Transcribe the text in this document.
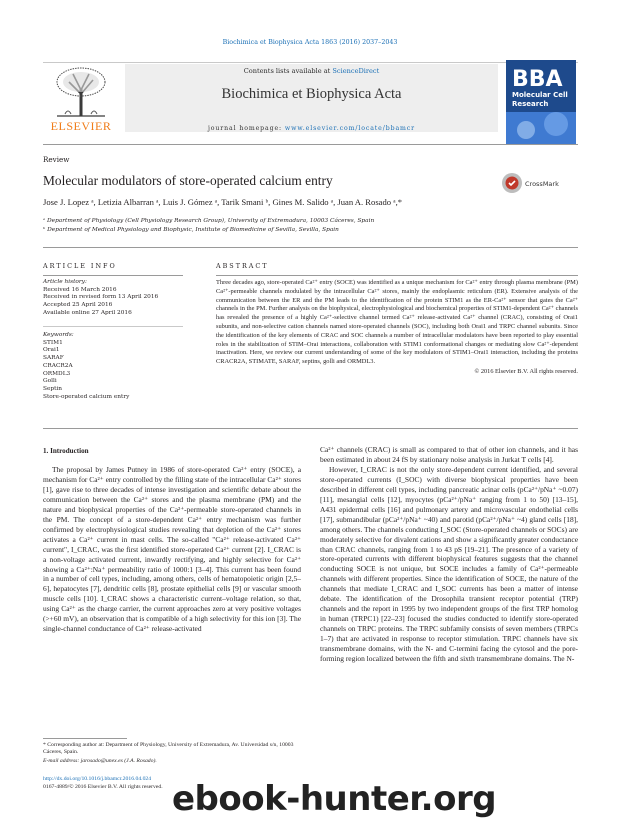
Biochimica et Biophysica Acta 1863 (2016) 2037–2043
ELSEVIER
Contents lists available at ScienceDirect
Biochimica et Biophysica Acta
journal homepage: www.elsevier.com/locate/bbamcr
BBA
Molecular Cell
Research
Review
Molecular modulators of store-operated calcium entry	CrossMark
Jose J. Lopez ᵃ, Letizia Albarran ᵃ, Luis J. Gómez ᵃ, Tarik Smani ᵇ, Gines M. Salido ᵃ, Juan A. Rosado ᵃ,*
ᵃ Department of Physiology (Cell Physiology Research Group), University of Extremadura, 10003 Cáceres, Spain
ᵇ Department of Medical Physiology and Biophysic, Institute of Biomedicine of Sevilla, Sevilla, Spain
ARTICLE INFO
Article history:
Received 16 March 2016
Received in revised form 13 April 2016
Accepted 25 April 2016
Available online 27 April 2016
Keywords:
STIM1
Orai1
SARAF
CRACR2A
ORMDL3
Golli
Septin
Store-operated calcium entry
ABSTRACT
Three decades ago, store-operated Ca²⁺ entry (SOCE) was identified as a unique mechanism for Ca²⁺ entry through plasma membrane (PM) Ca²⁺-permeable channels modulated by the intracellular Ca²⁺ stores, mainly the endoplasmic reticulum (ER). Extensive analysis of the communication between the ER and the PM leads to the identification of the protein STIM1 as the ER-Ca²⁺ sensor that gates the Ca²⁺ channels in the PM. Further analysis on the biophysical, electrophysiological and biochemical properties of STIM1-dependent Ca²⁺ channels has revealed the presence of a highly Ca²⁺-selective channel termed Ca²⁺ release-activated Ca²⁺ channel (CRAC), consisting of Orai1 subunits, and non-selective cation channels named store-operated channels (SOC), including both Orai1 and TRPC channel subunits. Since the identification of the key elements of CRAC and SOC channels a number of intracellular modulators have been reported to play essential roles in the stabilization of STIM–Orai interactions, collaboration with STIM1 conformational changes or mediating slow Ca²⁺-dependent inactivation. Here, we review our current understanding of some of the key modulators of STIM1–Orai1 interaction, including the proteins CRACR2A, STIMATE, SARAF, septins, golli and ORMDL3.
© 2016 Elsevier B.V. All rights reserved.
1. Introduction

The proposal by James Putney in 1986 of store-operated Ca²⁺ entry (SOCE), a mechanism for Ca²⁺ entry controlled by the filling state of the intracellular Ca²⁺ stores [1], gave rise to three decades of intense investigation and scientific debate about the communication between the Ca²⁺ stores and the plasma membrane (PM) and the nature and biophysical properties of the Ca²⁺-permeable store-operated channels in the PM. The concept of a store-dependent Ca²⁺ entry mechanism was further confirmed by electrophysiological studies revealing that depletion of the Ca²⁺ stores activates a Ca²⁺ current in mast cells. The so-called "Ca²⁺ release-activated Ca²⁺ current", I_CRAC, was the first identified store-operated Ca²⁺ current [2]. I_CRAC is a non-voltage activated current, inwardly rectifying, and highly selective for Ca²⁺ showing a Ca²⁺:Na⁺ permeability ratio of 1000:1 [3–4]. This current has been found in a number of cell types, including, among others, cells of hematopoietic origin [2,5–6], hepatocytes [7], dendritic cells [8], prostate epithelial cells [9] or vascular smooth muscle cells [10]. I_CRAC shows a characteristic current–voltage relation, so that, using Ca²⁺ as the charge carrier, the current approaches zero at very positive voltages (>+60 mV), an observation that is compatible of a high selectivity for this ion [3]. The single-channel conductance of Ca²⁺ release-activated

Ca²⁺ channels (CRAC) is small as compared to that of other ion channels, and it has been estimated in about 24 fS by stationary noise analysis in Jurkat T cells [4].

However, I_CRAC is not the only store-dependent current identified, and several store-operated currents (I_SOC) with diverse biophysical properties have been described in different cell types, including pancreatic acinar cells (pCa²⁺/pNa⁺ ~0.07) [11], mesangial cells [12], myocytes (pCa²⁺/pNa⁺ ranging from 1 to 50) [13–15], A431 epidermal cells [16] and pulmonary artery and microvascular endothelial cells [17], submandibular (pCa²⁺/pNa⁺ ~40) and parotid (pCa²⁺/pNa⁺ ~4) gland cells [18], among others. The channels conducting I_SOC (Store-operated channels or SOCs) are moderately selective for divalent cations and show a significantly greater conductance than CRAC channels, ranging from 1 to 43 pS [19–21]. The presence of a variety of store-operated currents with different biophysical features suggests that the channel conducting SOCE is not unique, but SOCE includes a family of Ca²⁺-permeable channels with different properties. Since the identification of SOCE, the nature of the channels that mediate I_CRAC and I_SOC currents has been a matter of intense debate. The identification of the Drosophila transient receptor potential (TRP) channels and the report in 1995 by two independent groups of the first TRP homolog in human (TRPC1) [22–23] focused the studies conducted to identify store-operated channels on TRPC proteins. The TRPC subfamily consists of seven members (TRPCs 1–7) that are activated in response to receptor stimulation. TRPC channels have six transmembrane domains, with the N- and C-termini facing the cytosol and the pore-forming region localized between the fifth and sixth transmembrane domains. The N-

* Corresponding author at: Department of Physiology, University of Extremadura, Av. Universidad s/n, 10003 Cáceres, Spain.
E-mail address: jarosado@unex.es (J.A. Rosado).
http://dx.doi.org/10.1016/j.bbamcr.2016.04.024
0167-4889/© 2016 Elsevier B.V. All rights reserved. ebook-hunter.org
